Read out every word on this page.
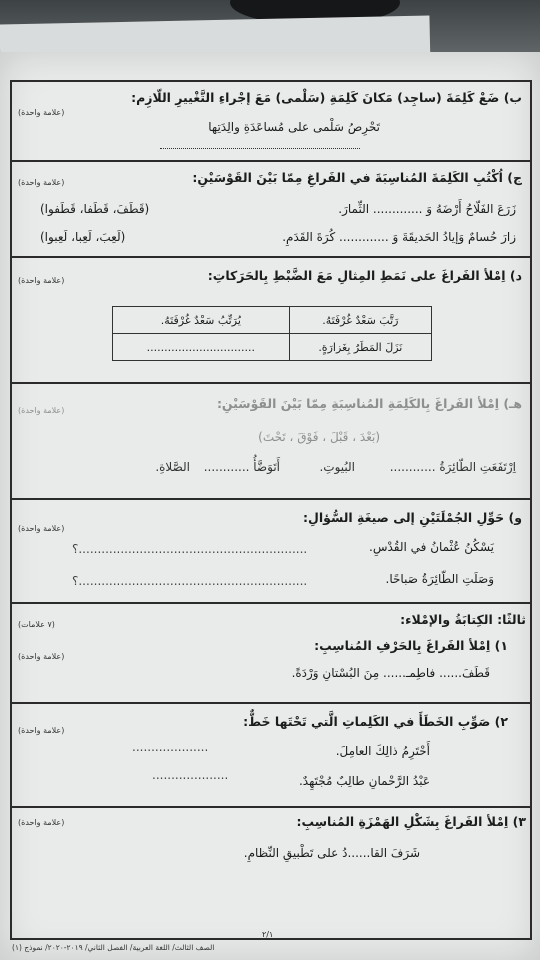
ب) ضَعْ كَلِمَةَ (ساجِد) مَكانَ كَلِمَةِ (سَلْمى) مَعَ إجْراءِ التَّغْييرِ اللّازِم:
(علامة واحدة)
تَحْرِصُ سَلْمى على مُساعَدَةِ والِدَتِها
ج) اُكْتُبِ الكَلِمَةَ المُناسِبَةَ في الفَراغِ مِمّا بَيْنَ القَوْسَيْنِ:
(علامة واحدة)
زَرَعَ الفَلّاحُ أَرْضَهُ وَ ............. الثِّمارَ.
(قَطَفَ، قَطَفا، قَطَفوا)
زارَ حُسامٌ وَإيادُ الحَديقَةَ وَ ............. كُرَةَ القَدَمِ.
(لَعِبَ، لَعِبا، لَعِبوا)
د) اِمْلأ الفَراغَ على نَمَطِ المِثالِ مَعَ الضَّبْطِ بِالحَرَكاتِ:
(علامة واحدة)
رَتَّبَ سَعْدٌ غُرْفَتَهُ.	يُرَتِّبُ سَعْدٌ غُرْفَتَهُ.
نَزَلَ المَطَرُ بِغَزارَةٍ.	...............................
هـ) اِمْلأ الفَراغَ بِالكَلِمَةِ المُناسِبَةِ مِمّا بَيْنَ القَوْسَيْنِ:
(علامة واحدة)
(بَعْدَ ، قَبْلَ ، فَوْقَ ، تَحْتَ)
اِرْتَفَعَتِ الطّائِرَةُ ............
البُيوتِ.
أَتَوَضَّأُ ............
الصَّلاةِ.
و) حَوِّلِ الجُمْلَتَيْنِ إلى صيغَةِ السُّؤالِ:
(علامة واحدة)
يَسْكُنُ عُثْمانُ في القُدْسِ.
............................................................؟
وَصَلَتِ الطّائِرَةُ صَباحًا.
............................................................؟
ثالثًا: الكِتابَةُ والإمْلاء:
(٧ علامات)
١) اِمْلأ الفَراغَ بِالحَرْفِ المُناسِبِ:
(علامة واحدة)
قَطَفَ...... فاطِمـ...... مِنَ البُسْتانِ وَرْدَةً.
٢) صَوِّبِ الخَطَأَ في الكَلِماتِ الَّتي تَحْتَها خَطٌّ:
(علامة واحدة)
أَحْتَرِمُ ذالِكَ العامِلَ.
....................
عَبْدُ الرَّحْمانِ طالِبٌ مُجْتَهِدٌ.
....................
٣) اِمْلأ الفَراغَ بِشَكْلِ الهَمْزَةِ المُناسِبِ:
(علامة واحدة)
شَرَفَ القا......دُ على تَطْبيقِ النِّظامِ.
٢/١
الصف الثالث/ اللغة العربية/ الفصل الثاني/ ٢٠١٩-٢٠٢٠/ نموذج (١)
